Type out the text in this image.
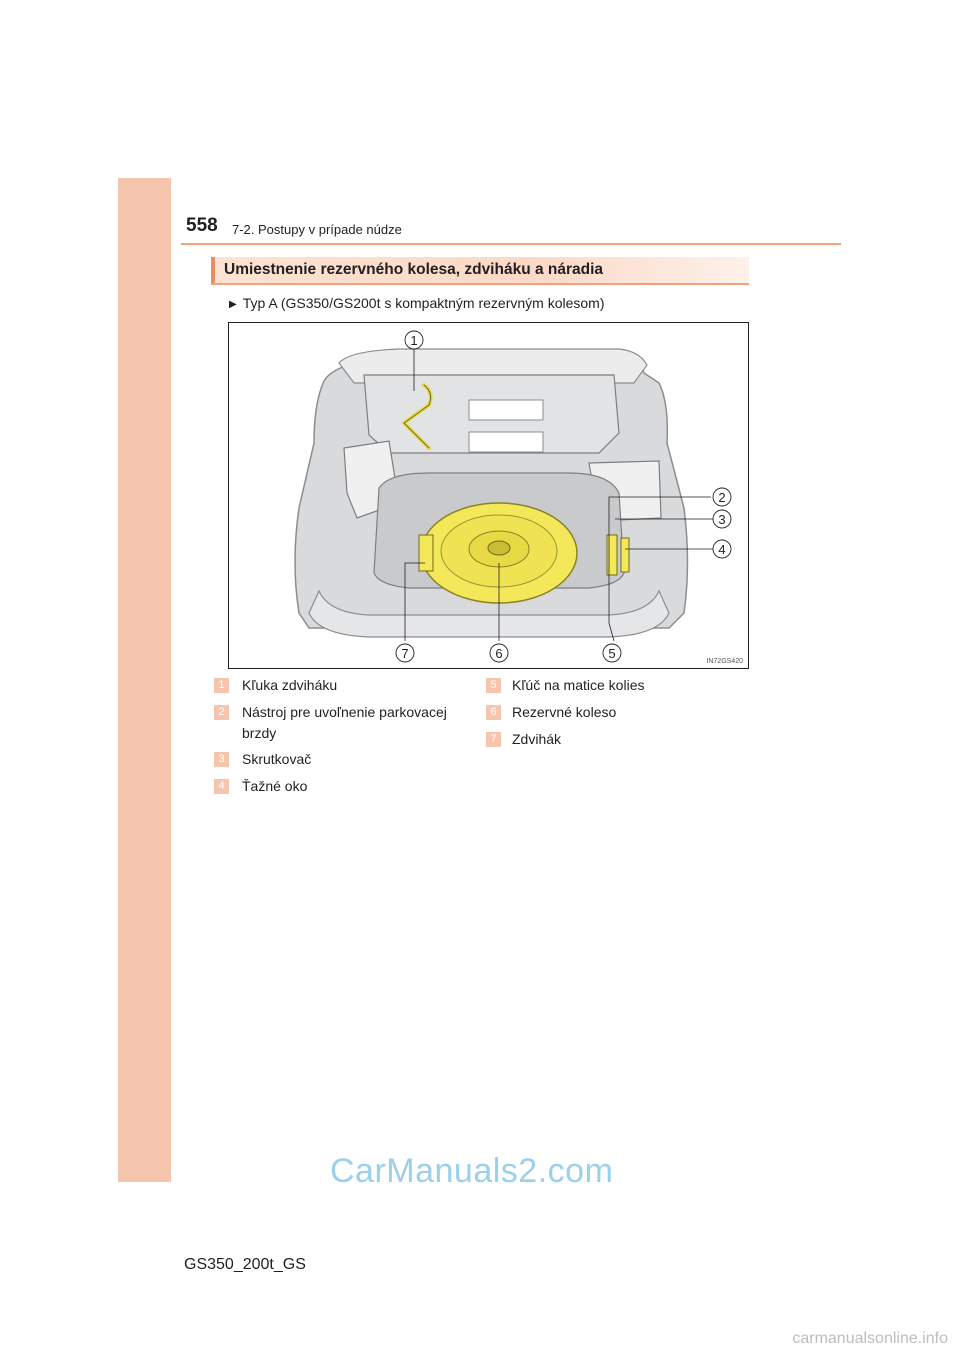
558 7-2. Postupy v prípade núdze
Umiestnenie rezervného kolesa, zdviháku a náradia
▶ Typ A (GS350/GS200t s kompaktným rezervným kolesom)
1
2
3
4
5
6
7
IN72GS420
1	Kľuka zdviháku
2	Nástroj pre uvoľnenie parkovacej
brzdy
3	Skrutkovač
4	Ťažné oko
5	Kľúč na matice kolies
6	Rezervné koleso
7	Zdvihák
CarManuals2.com
GS350_200t_GS
carmanualsonline.info
